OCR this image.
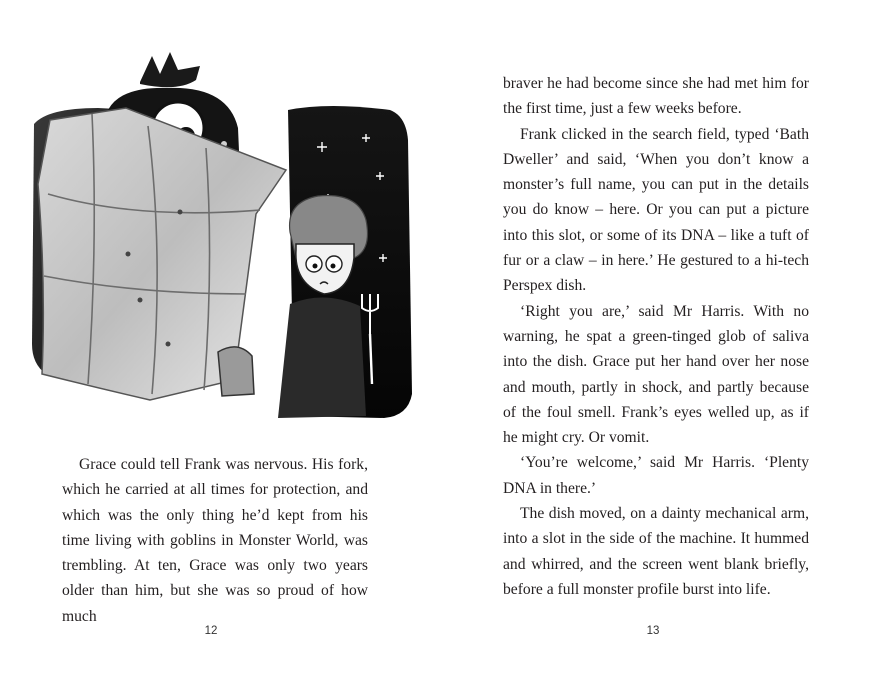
Grace could tell Frank was nervous. His fork, which he carried at all times for protection, and which was the only thing he’d kept from his time living with goblins in Monster World, was trembling. At ten, Grace was only two years older than him, but she was so proud of how much

12

braver he had become since she had met him for the first time, just a few weeks before.

Frank clicked in the search field, typed ‘Bath Dweller’ and said, ‘When you don’t know a monster’s full name, you can put in the details you do know – here. Or you can put a picture into this slot, or some of its DNA – like a tuft of fur or a claw – in here.’ He gestured to a hi-tech Perspex dish.

‘Right you are,’ said Mr Harris. With no warning, he spat a green-tinged glob of saliva into the dish. Grace put her hand over her nose and mouth, partly in shock, and partly because of the foul smell. Frank’s eyes welled up, as if he might cry. Or vomit.

‘You’re welcome,’ said Mr Harris. ‘Plenty DNA in there.’

The dish moved, on a dainty mechanical arm, into a slot in the side of the machine. It hummed and whirred, and the screen went blank briefly, before a full monster profile burst into life.

13
